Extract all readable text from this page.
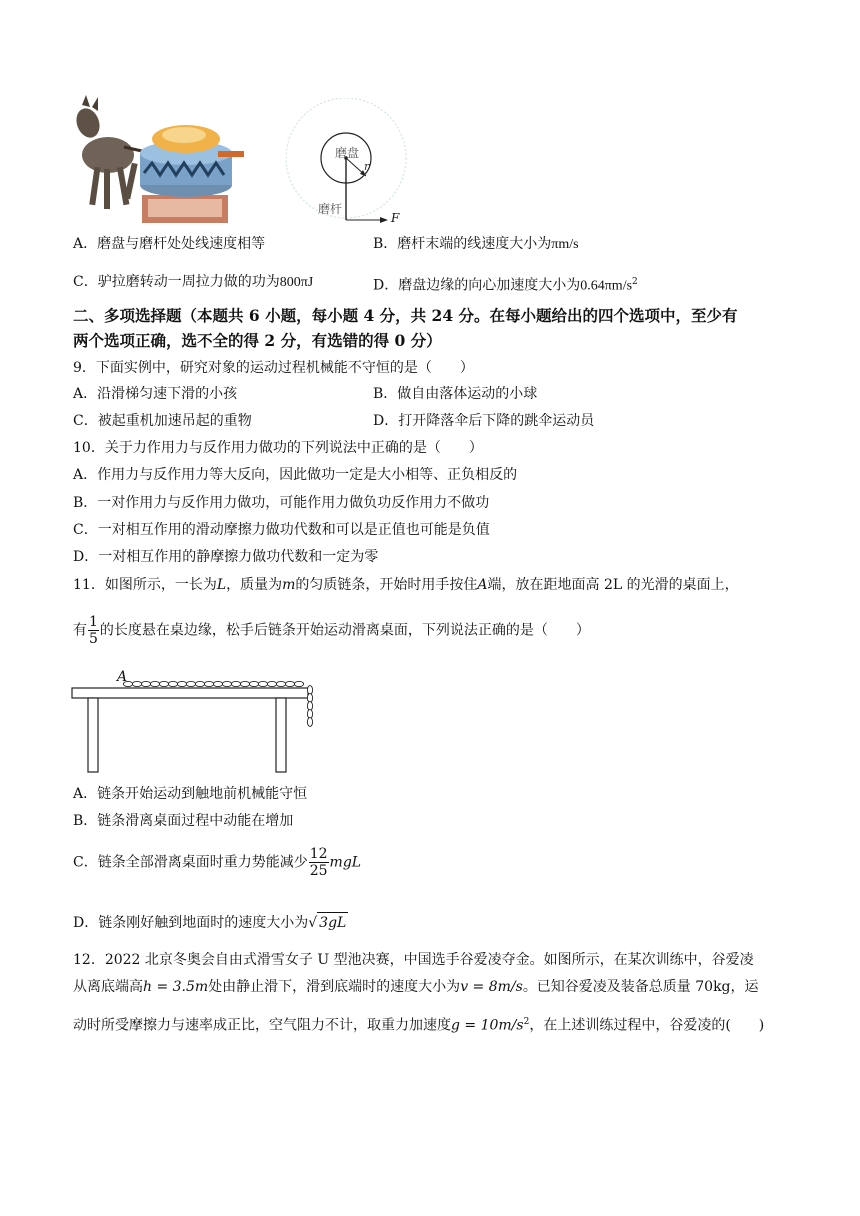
磨盘
r
磨杆
F
A．磨盘与磨杆处处线速度相等	B．磨杆末端的线速度大小为πm/s
C．驴拉磨转动一周拉力做的功为800πJ	D．磨盘边缘的向心加速度大小为$0.64\pi m/s^2$
二、多项选择题（本题共 6 小题，每小题 4 分，共 24 分。在每小题给出的四个选项中，至少有
两个选项正确，选不全的得 2 分，有选错的得 0 分）
9．下面实例中，研究对象的运动过程机械能不守恒的是（　　）
A．沿滑梯匀速下滑的小孩	B．做自由落体运动的小球
C．被起重机加速吊起的重物	D．打开降落伞后下降的跳伞运动员
10．关于力作用力与反作用力做功的下列说法中正确的是（　　）
A．作用力与反作用力等大反向，因此做功一定是大小相等、正负相反的
B．一对作用力与反作用力做功，可能作用力做负功反作用力不做功
C．一对相互作用的滑动摩擦力做功代数和可以是正值也可能是负值
D．一对相互作用的静摩擦力做功代数和一定为零
11．如图所示，一长为L，质量为m的匀质链条，开始时用手按住A端，放在距地面高 2L 的光滑的桌面上，
有 $\frac{1}{5}$ 的长度悬在桌边缘，松手后链条开始运动滑离桌面，下列说法正确的是（　　）
A
A．链条开始运动到触地前机械能守恒
B．链条滑离桌面过程中动能在增加
C．链条全部滑离桌面时重力势能减少 $\frac{12}{25}$ mgL
D．链条刚好触到地面时的速度大小为√ 3gL
12．2022 北京冬奥会自由式滑雪女子 U 型池决赛，中国选手谷爱凌夺金。如图所示，在某次训练中，谷爱凌
从离底端高h = 3.5m处由静止滑下，滑到底端时的速度大小为v = 8m/s。已知谷爱凌及装备总质量 70kg，运
动时所受摩擦力与速率成正比，空气阻力不计，取重力加速度$g = 10m/s^2$，在上述训练过程中，谷爱凌的(　　)
